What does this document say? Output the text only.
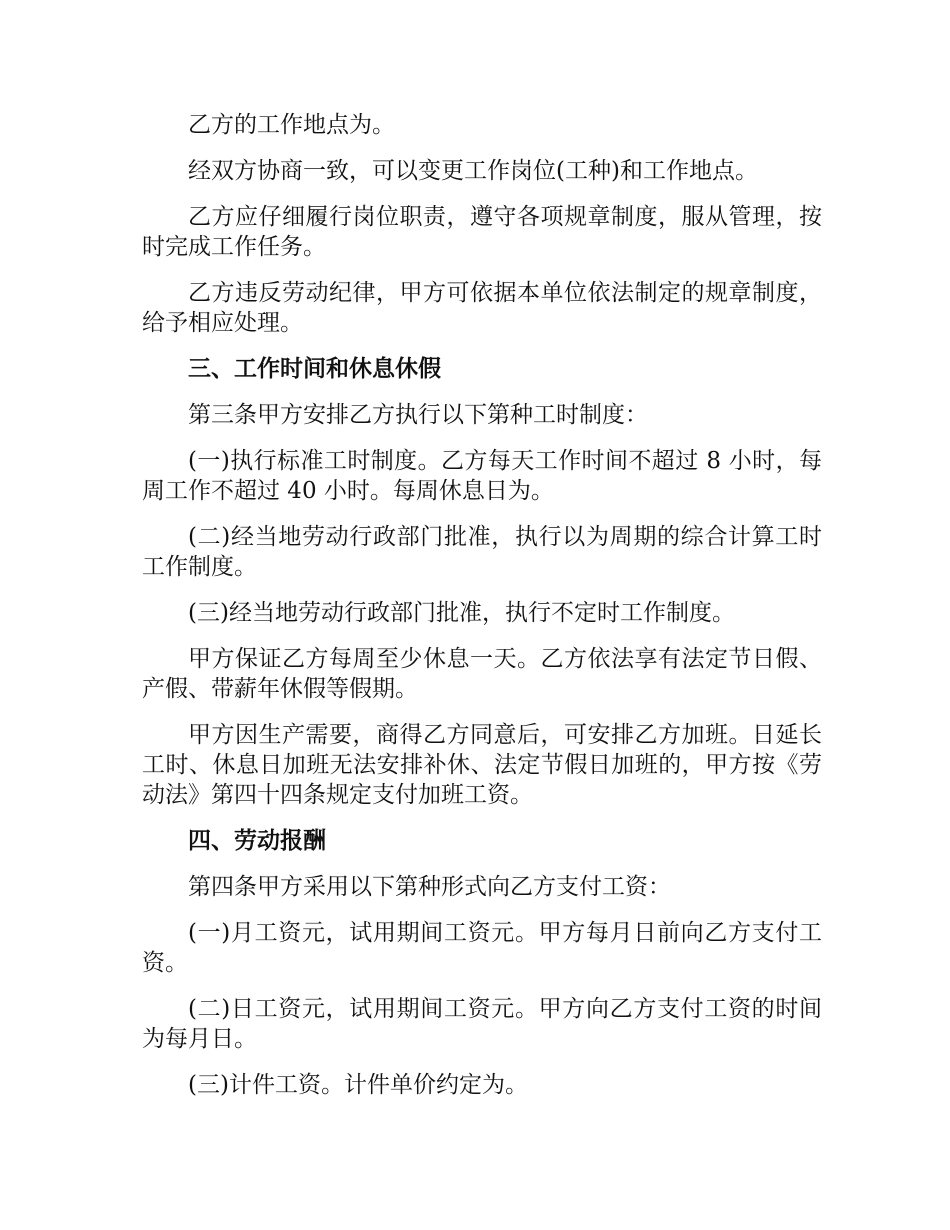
乙方的工作地点为。

经双方协商一致，可以变更工作岗位(工种)和工作地点。

乙方应仔细履行岗位职责，遵守各项规章制度，服从管理，按时完成工作任务。

乙方违反劳动纪律，甲方可依据本单位依法制定的规章制度，给予相应处理。

三、工作时间和休息休假

第三条甲方安排乙方执行以下第种工时制度：

(一)执行标准工时制度。乙方每天工作时间不超过 8 小时，每周工作不超过 40 小时。每周休息日为。

(二)经当地劳动行政部门批准，执行以为周期的综合计算工时工作制度。

(三)经当地劳动行政部门批准，执行不定时工作制度。

甲方保证乙方每周至少休息一天。乙方依法享有法定节日假、产假、带薪年休假等假期。

甲方因生产需要，商得乙方同意后，可安排乙方加班。日延长工时、休息日加班无法安排补休、法定节假日加班的，甲方按《劳动法》第四十四条规定支付加班工资。

四、劳动报酬

第四条甲方采用以下第种形式向乙方支付工资：

(一)月工资元，试用期间工资元。甲方每月日前向乙方支付工资。

(二)日工资元，试用期间工资元。甲方向乙方支付工资的时间为每月日。

(三)计件工资。计件单价约定为。
